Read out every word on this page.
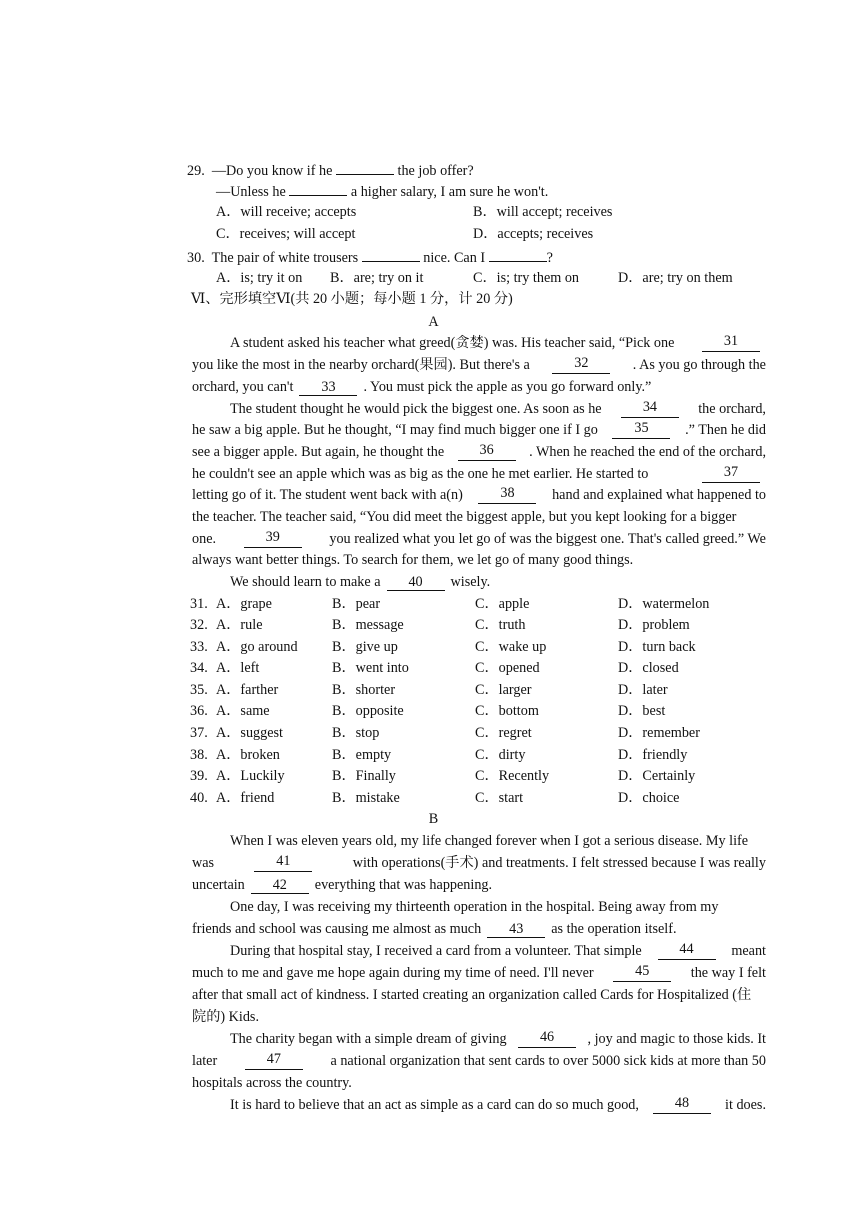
29. —Do you know if he	the job offer?
—Unless he	a higher salary, I am sure he won't.
A．will receive; accepts	B．will accept; receives
C．receives; will accept	D．accepts; receives
30. The pair of white trousers	nice. Can I	?
A．is; try it on B．are; try on it	C．is; try them on	D．are; try on them
Ⅵ、完形填空Ⅵ(共 20 小题；每小题 1 分，计 20 分)
A
A student asked his teacher what greed(贪婪) was. His teacher said, “Pick one	31
you like the most in the nearby orchard(果园). But there's a	32	. As you go through the
orchard, you can't 33 . You must pick the apple as you go forward only.”
The student thought he would pick the biggest one. As soon as he	34	the orchard,
he saw a big apple. But he thought, “I may find much bigger one if I go	35	.” Then he did
see a bigger apple. But again, he thought the	36	. When he reached the end of the orchard,
he couldn't see an apple which was as big as the one he met earlier. He started to	37
letting go of it. The student went back with a(n)	38	hand and explained what happened to
the teacher. The teacher said, “You did meet the biggest apple, but you kept looking for a bigger
one.	39	you realized what you let go of was the biggest one. That's called greed.” We
always want better things. To search for them, we let go of many good things.
We should learn to make a 40 wisely.
31. A．grape	B．pear	C．apple	D．watermelon
32. A．rule	B．message	C．truth	D．problem
33. A．go around B．give up	C．wake up	D．turn back
34. A．left	B．went into	C．opened	D．closed
35. A．farther	B．shorter	C．larger	D．later
36. A．same	B．opposite	C．bottom	D．best
37. A．suggest	B．stop	C．regret	D．remember
38. A．broken	B．empty	C．dirty	D．friendly
39. A．Luckily	B．Finally	C．Recently	D．Certainly
40. A．friend	B．mistake	C．start	D．choice
B
When I was eleven years old, my life changed forever when I got a serious disease. My life
was	41	with operations(手术) and treatments. I felt stressed because I was really
uncertain 42 everything that was happening.
One day, I was receiving my thirteenth operation in the hospital. Being away from my
friends and school was causing me almost as much 43 as the operation itself.
During that hospital stay, I received a card from a volunteer. That simple	44	meant
much to me and gave me hope again during my time of need. I'll never	45	the way I felt
after that small act of kindness. I started creating an organization called Cards for Hospitalized (住
院的) Kids.
The charity began with a simple dream of giving	46	, joy and magic to those kids. It
later	47	a national organization that sent cards to over 5000 sick kids at more than 50
hospitals across the country.
It is hard to believe that an act as simple as a card can do so much good,	48	it does.
